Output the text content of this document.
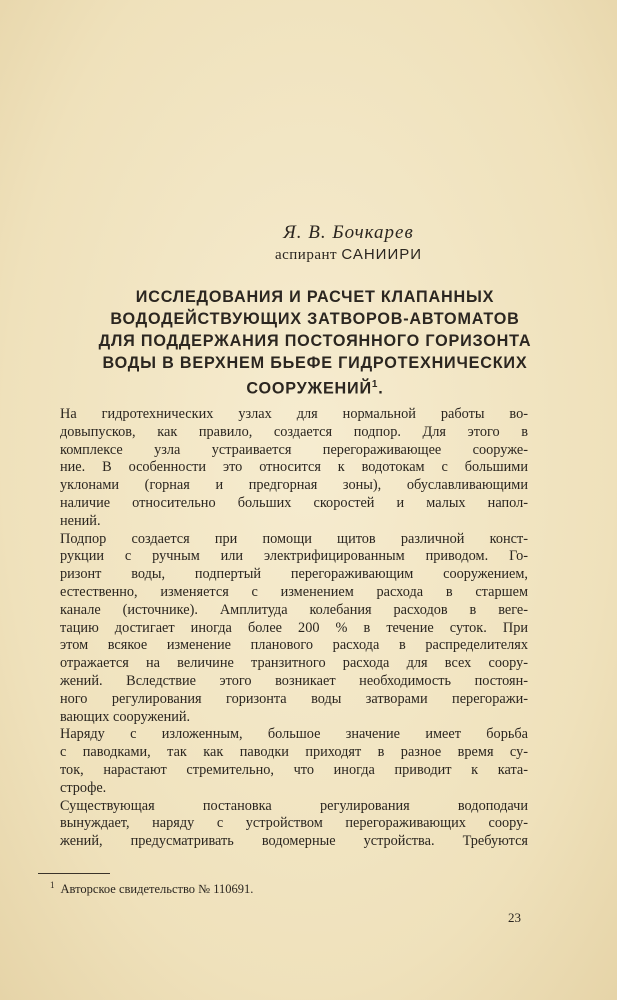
Я. В. Бочкарев
аспирант САНИИРИ
ИССЛЕДОВАНИЯ И РАСЧЕТ КЛАПАННЫХ
ВОДОДЕЙСТВУЮЩИХ ЗАТВОРОВ-АВТОМАТОВ
ДЛЯ ПОДДЕРЖАНИЯ ПОСТОЯННОГО ГОРИЗОНТА
ВОДЫ В ВЕРХНЕМ БЬЕФЕ ГИДРОТЕХНИЧЕСКИХ
СООРУЖЕНИЙ$^1$.

На гидротехнических узлах для нормальной работы во-
довыпусков, как правило, создается подпор. Для этого в
комплексе узла устраивается перегораживающее сооруже-
ние. В особенности это относится к водотокам с большими
уклонами (горная и предгорная зоны), обуславливающими
наличие относительно больших скоростей и малых напол-
нений.

Подпор создается при помощи щитов различной конст-
рукции с ручным или электрифицированным приводом. Го-
ризонт воды, подпертый перегораживающим сооружением,
естественно, изменяется с изменением расхода в старшем
канале (источнике). Амплитуда колебания расходов в веге-
тацию достигает иногда более 200 % в течение суток. При
этом всякое изменение планового расхода в распределителях
отражается на величине транзитного расхода для всех соору-
жений. Вследствие этого возникает необходимость постоян-
ного регулирования горизонта воды затворами перегоражи-
вающих сооружений.

Наряду с изложенным, большое значение имеет борьба
с паводками, так как паводки приходят в разное время су-
ток, нарастают стремительно, что иногда приводит к ката-
строфе.

Существующая постановка регулирования водоподачи
вынуждает, наряду с устройством перегораживающих соору-
жений, предусматривать водомерные устройства. Требуются

$^1$ Авторское свидетельство № 110691.
23
